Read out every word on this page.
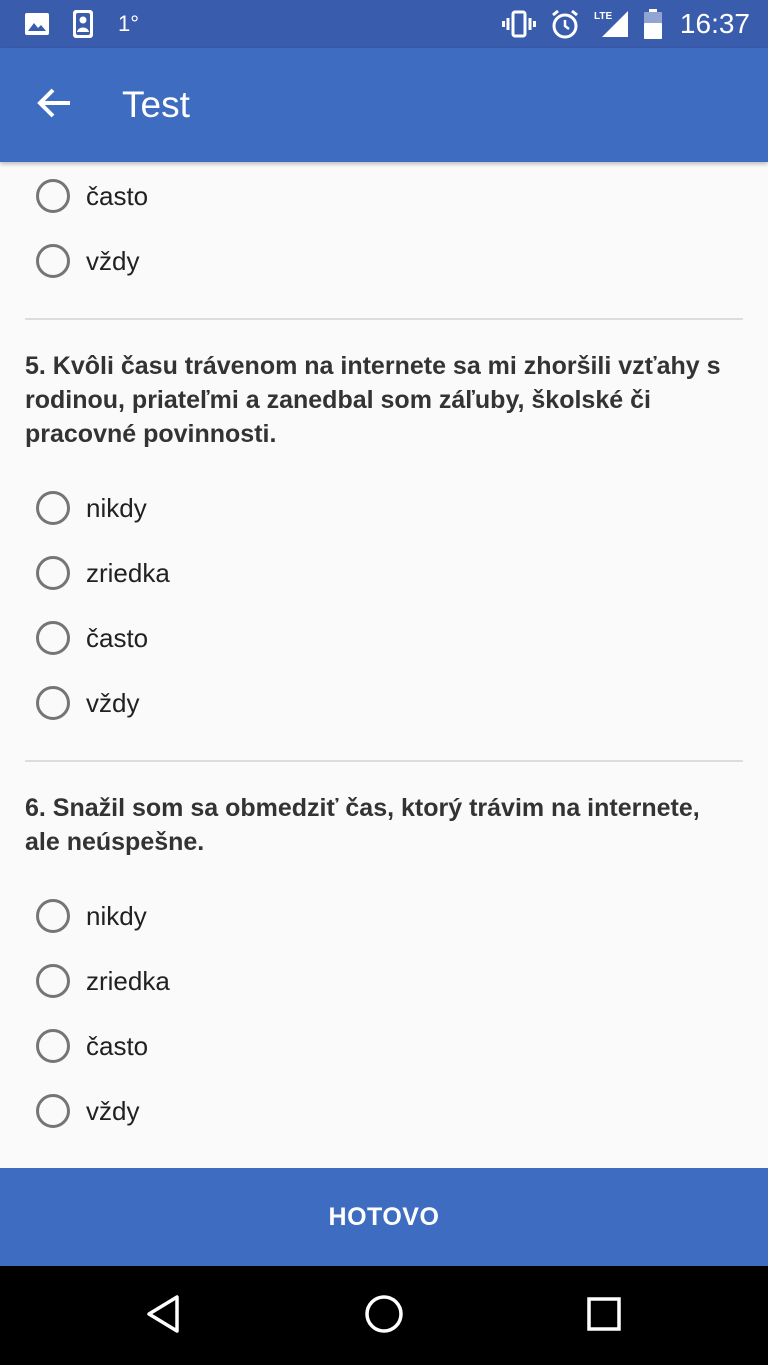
1°	LTE 16:37
Test
často
vždy
5. Kvôli času trávenom na internete sa mi zhoršili vzťahy s rodinou, priateľmi a zanedbal som záľuby, školské či pracovné povinnosti.
nikdy
zriedka
často
vždy
6. Snažil som sa obmedziť čas, ktorý trávim na internete, ale neúspešne.
nikdy
zriedka
často
vždy
HOTOVO
